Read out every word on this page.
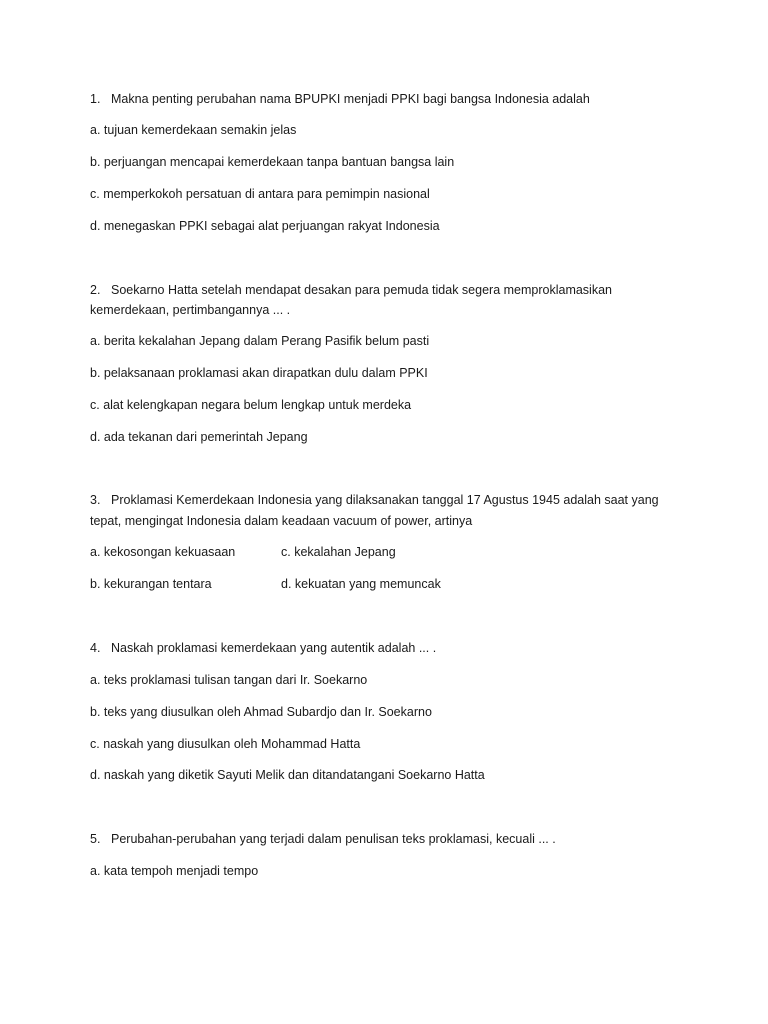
1. Makna penting perubahan nama BPUPKI menjadi PPKI bagi bangsa Indonesia adalah
a. tujuan kemerdekaan semakin jelas
b. perjuangan mencapai kemerdekaan tanpa bantuan bangsa lain
c. memperkokoh persatuan di antara para pemimpin nasional
d. menegaskan PPKI sebagai alat perjuangan rakyat Indonesia
2. Soekarno Hatta setelah mendapat desakan para pemuda tidak segera memproklamasikan
kemerdekaan, pertimbangannya ... .
a. berita kekalahan Jepang dalam Perang Pasifik belum pasti
b. pelaksanaan proklamasi akan dirapatkan dulu dalam PPKI
c. alat kelengkapan negara belum lengkap untuk merdeka
d. ada tekanan dari pemerintah Jepang
3. Proklamasi Kemerdekaan Indonesia yang dilaksanakan tanggal 17 Agustus 1945 adalah saat yang
tepat, mengingat Indonesia dalam keadaan vacuum of power, artinya
a. kekosongan kekuasaan	c. kekalahan Jepang
b. kekurangan tentara	d. kekuatan yang memuncak
4. Naskah proklamasi kemerdekaan yang autentik adalah ... .
a. teks proklamasi tulisan tangan dari Ir. Soekarno
b. teks yang diusulkan oleh Ahmad Subardjo dan Ir. Soekarno
c. naskah yang diusulkan oleh Mohammad Hatta
d. naskah yang diketik Sayuti Melik dan ditandatangani Soekarno Hatta
5. Perubahan-perubahan yang terjadi dalam penulisan teks proklamasi, kecuali ... .
a. kata tempoh menjadi tempo
